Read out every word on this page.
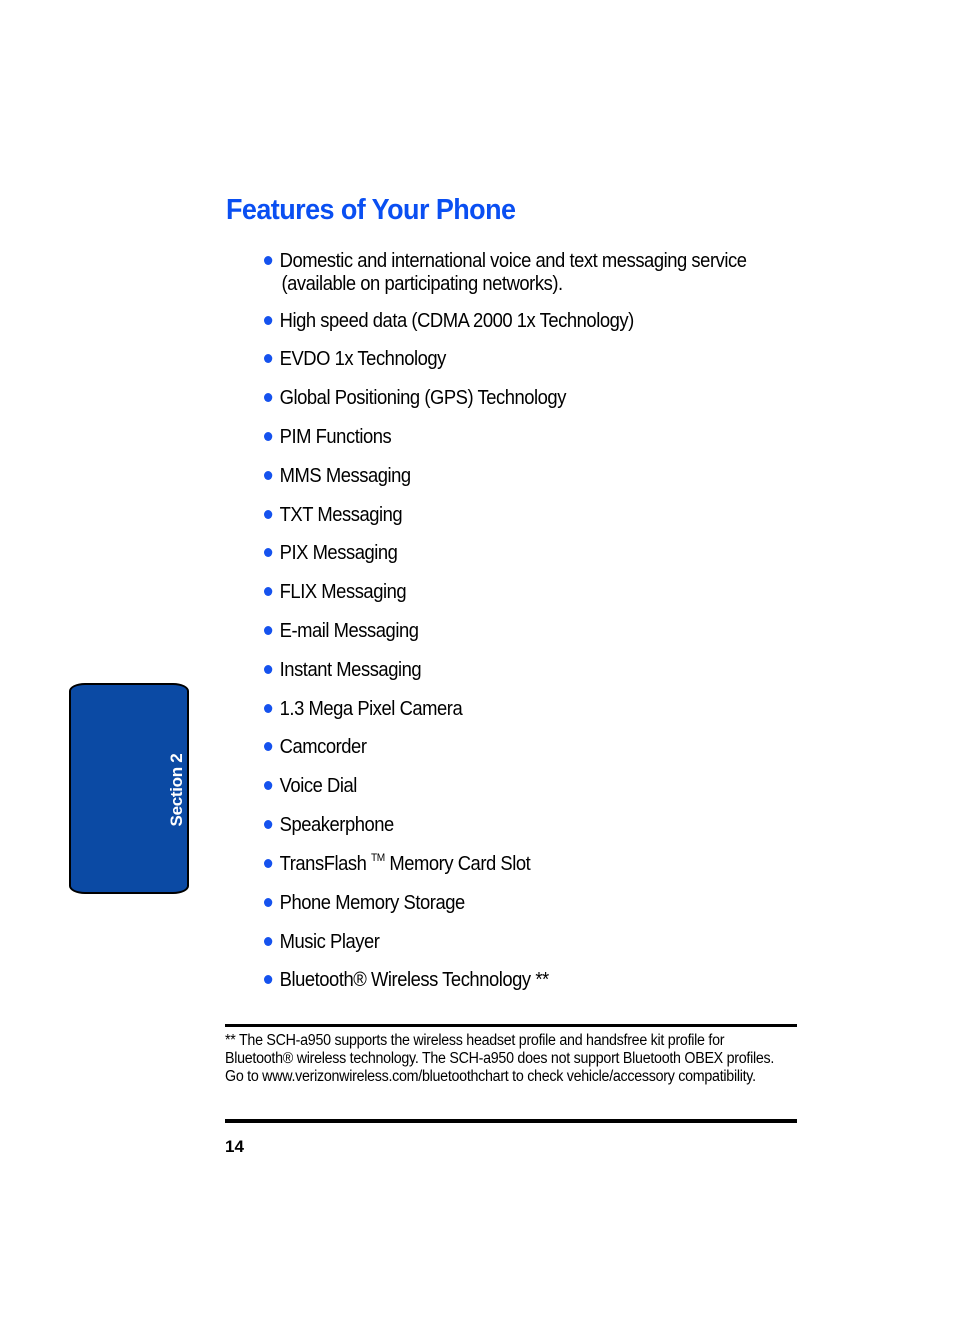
Features of Your Phone
Domestic and international voice and text messaging service
(available on participating networks).
High speed data (CDMA 2000 1x Technology)
EVDO 1x Technology
Global Positioning (GPS) Technology
PIM Functions
MMS Messaging
TXT Messaging
PIX Messaging
FLIX Messaging
E-mail Messaging
Instant Messaging
1.3 Mega Pixel Camera
Camcorder
Voice Dial
Speakerphone
TransFlash ™ Memory Card Slot
Phone Memory Storage
Music Player
Bluetooth® Wireless Technology **

** The SCH-a950 supports the wireless headset profile and handsfree kit profile for Bluetooth® wireless technology. The SCH-a950 does not support Bluetooth OBEX profiles. Go to www.verizonwireless.com/bluetoothchart to check vehicle/accessory compatibility.

14
Section 2
